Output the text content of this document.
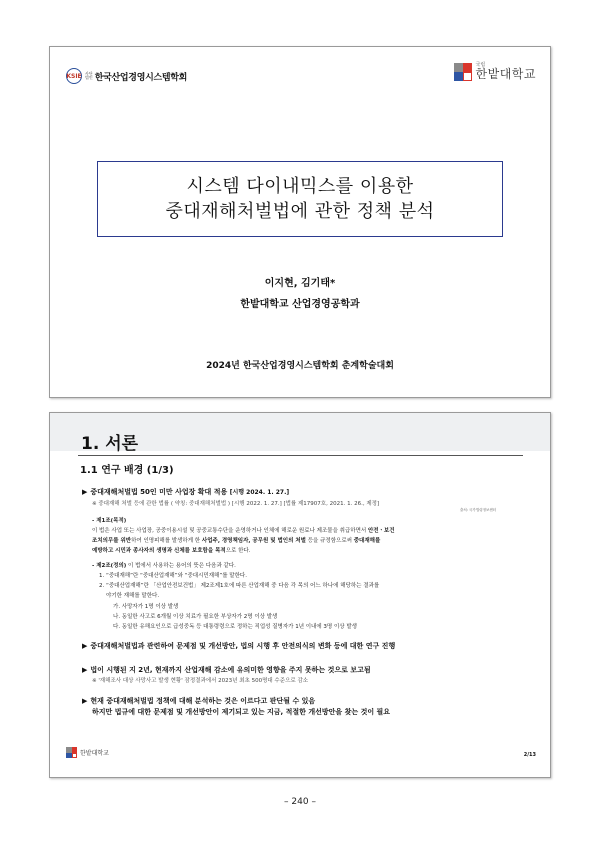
KSIE 사단
법인 한국산업경영시스템학회
국립
한밭대학교
시스템 다이내믹스를 이용한
중대재해처벌법에 관한 정책 분석
이지현, 김기태*
한밭대학교 산업경영공학과
2024년 한국산업경영시스템학회 춘계학술대회
1. 서론
1.1 연구 배경 (1/3)
▶ 중대재해처벌법 50인 미만 사업장 확대 적용 [시행 2024. 1. 27.]
※ 중대재해 처벌 등에 관한 법률 ( 약칭: 중대재해처벌법 ) [시행 2022. 1. 27.] [법률 제17907호, 2021. 1. 26., 제정]
출처: 국가법령정보센터
- 제1조(목적)
이 법은 사업 또는 사업장, 공중이용시설 및 공중교통수단을 운영하거나 인체에 해로운 원료나 제조물을 취급하면서 안전ㆍ보건
조치의무를 위반하여 인명피해를 발생하게 한 사업주, 경영책임자, 공무원 및 법인의 처벌 등을 규정함으로써 중대재해를
예방하고 시민과 종사자의 생명과 신체를 보호함을 목적으로 한다.
- 제2조(정의) 이 법에서 사용하는 용어의 뜻은 다음과 같다.
1. “중대재해”란 “중대산업재해”와 “중대시민재해”를 말한다.
2. “중대산업재해”란 「산업안전보건법」 제2조제1호에 따른 산업재해 중 다음 각 목의 어느 하나에 해당하는 결과를
야기한 재해를 말한다.
가. 사망자가 1명 이상 발생
나. 동일한 사고로 6개월 이상 치료가 필요한 부상자가 2명 이상 발생
다. 동일한 유해요인으로 급성중독 등 대통령령으로 정하는 직업성 질병자가 1년 이내에 3명 이상 발생
▶ 중대재해처벌법과 관련하여 문제점 및 개선방안, 법의 시행 후 안전의식의 변화 등에 대한 연구 진행
▶ 법이 시행된 지 2년, 현재까지 산업재해 감소에 유의미한 영향을 주지 못하는 것으로 보고됨
※ '재해조사 대상 사망사고 발생 현황' 잠정결과에서 2023년 최초 500명대 수준으로 감소
▶ 현재 중대재해처벌법 정책에 대해 분석하는 것은 이르다고 판단될 수 있음
하지만 법규에 대한 문제점 및 개선방안이 제기되고 있는 지금, 적절한 개선방안을 찾는 것이 필요
한밭대학교	2/13
– 240 –
